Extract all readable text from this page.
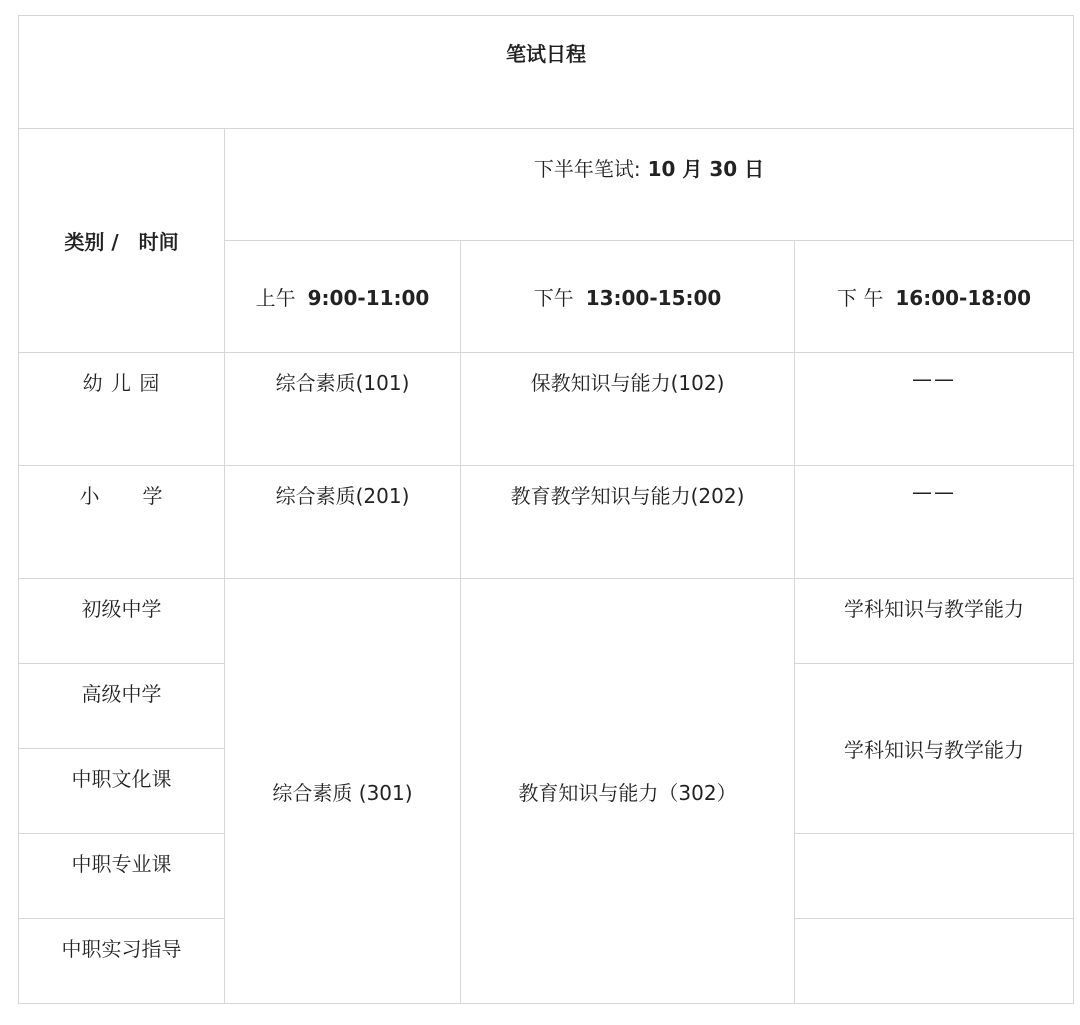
笔试日程			
类别 /　时间	下半年笔试: 10 月 30 日		
	上午 9:00-11:00	下午 13:00-15:00	下 午 16:00-18:00
幼 儿 园	综合素质(101)	保教知识与能力(102)	——
小　　学	综合素质(201)	教育教学知识与能力(202)	——
初级中学	综合素质 (301)	教育知识与能力（302）	学科知识与教学能力
高级中学			学科知识与教学能力
中职文化课			
中职专业课			
中职实习指导			
